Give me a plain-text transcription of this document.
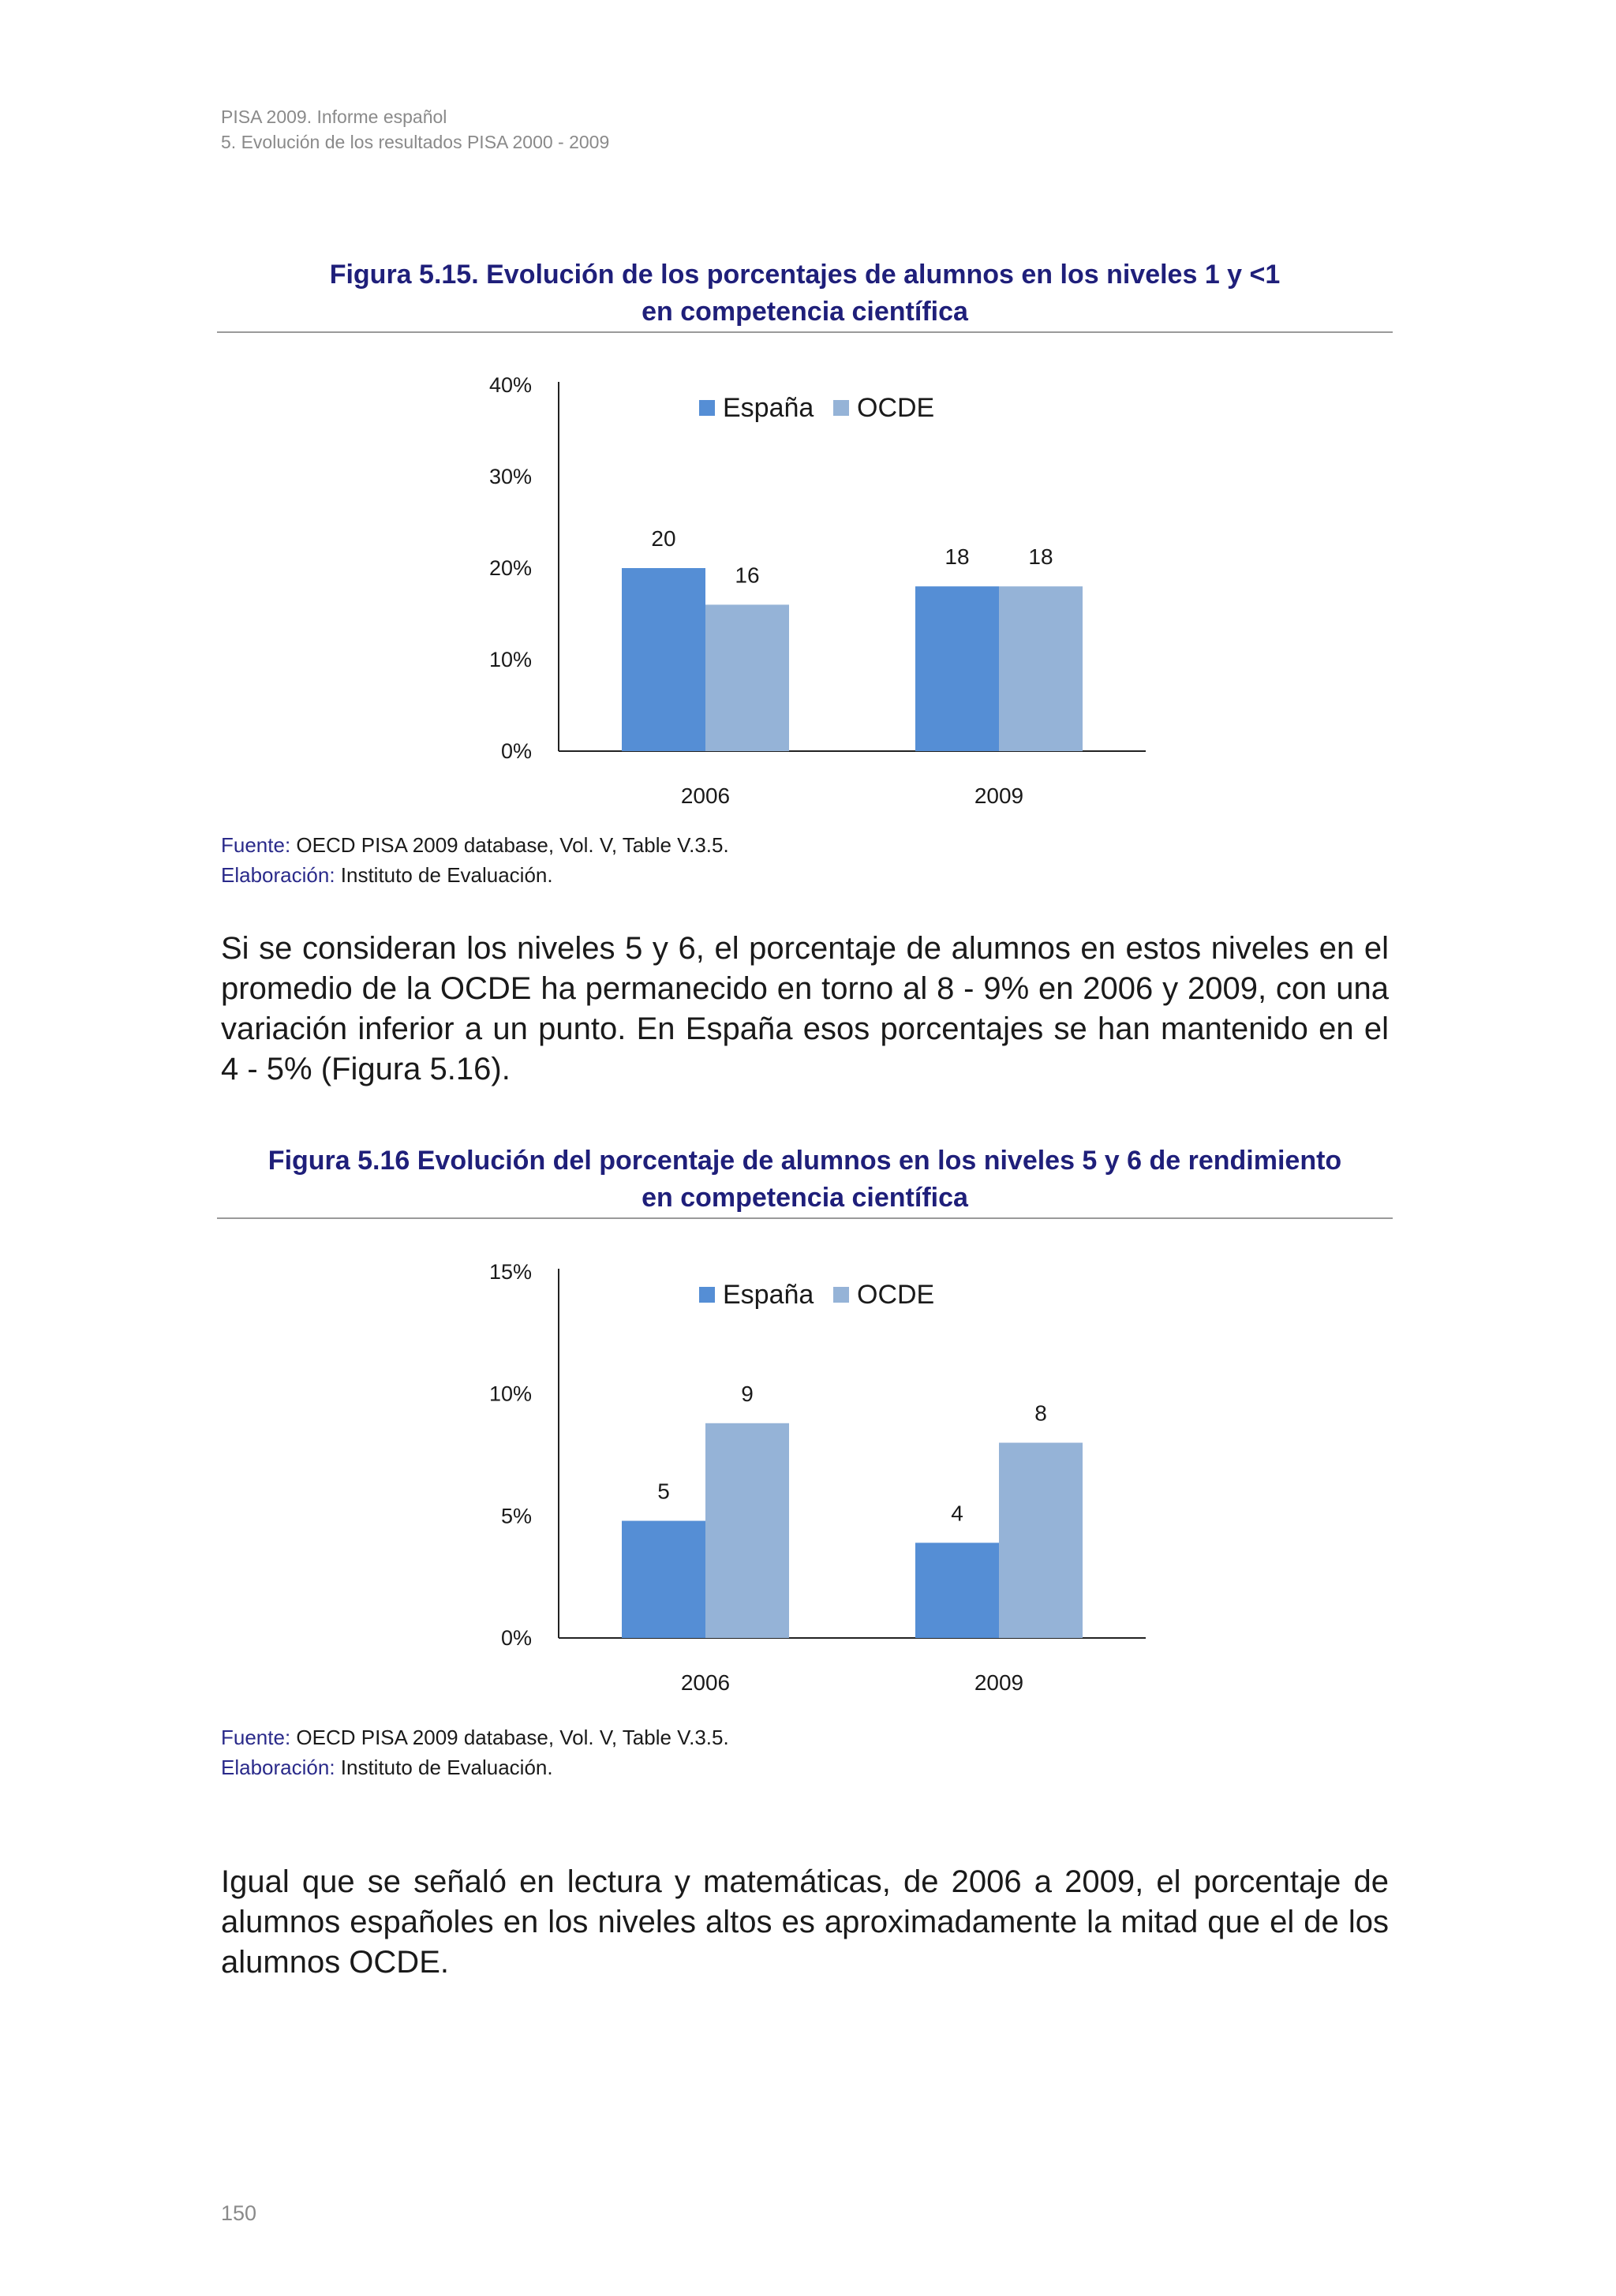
PISA 2009. Informe español
5. Evolución de los resultados PISA 2000 - 2009
Figura 5.15. Evolución de los porcentajes de alumnos en los niveles 1 y <1
en competencia científica
0%
10%
20%
30%
40%
20
16
2006
18	18
2009
España OCDE
Fuente: OECD PISA 2009 database, Vol. V, Table V.3.5.
Elaboración: Instituto de Evaluación.

Si se consideran los niveles 5 y 6, el porcentaje de alumnos en estos niveles en el promedio de la OCDE ha permanecido en torno al 8 - 9% en 2006 y 2009, con una variación inferior a un punto. En España esos porcentajes se han mantenido en el 4 - 5% (Figura 5.16).

Figura 5.16 Evolución del porcentaje de alumnos en los niveles 5 y 6 de rendimiento
en competencia científica
0%
5%
10%
15%
5
9
2006
4
8
2009
España OCDE
Fuente: OECD PISA 2009 database, Vol. V, Table V.3.5.
Elaboración: Instituto de Evaluación.

Igual que se señaló en lectura y matemáticas, de 2006 a 2009, el porcentaje de alumnos españoles en los niveles altos es aproximadamente la mitad que el de los alumnos OCDE.

150
